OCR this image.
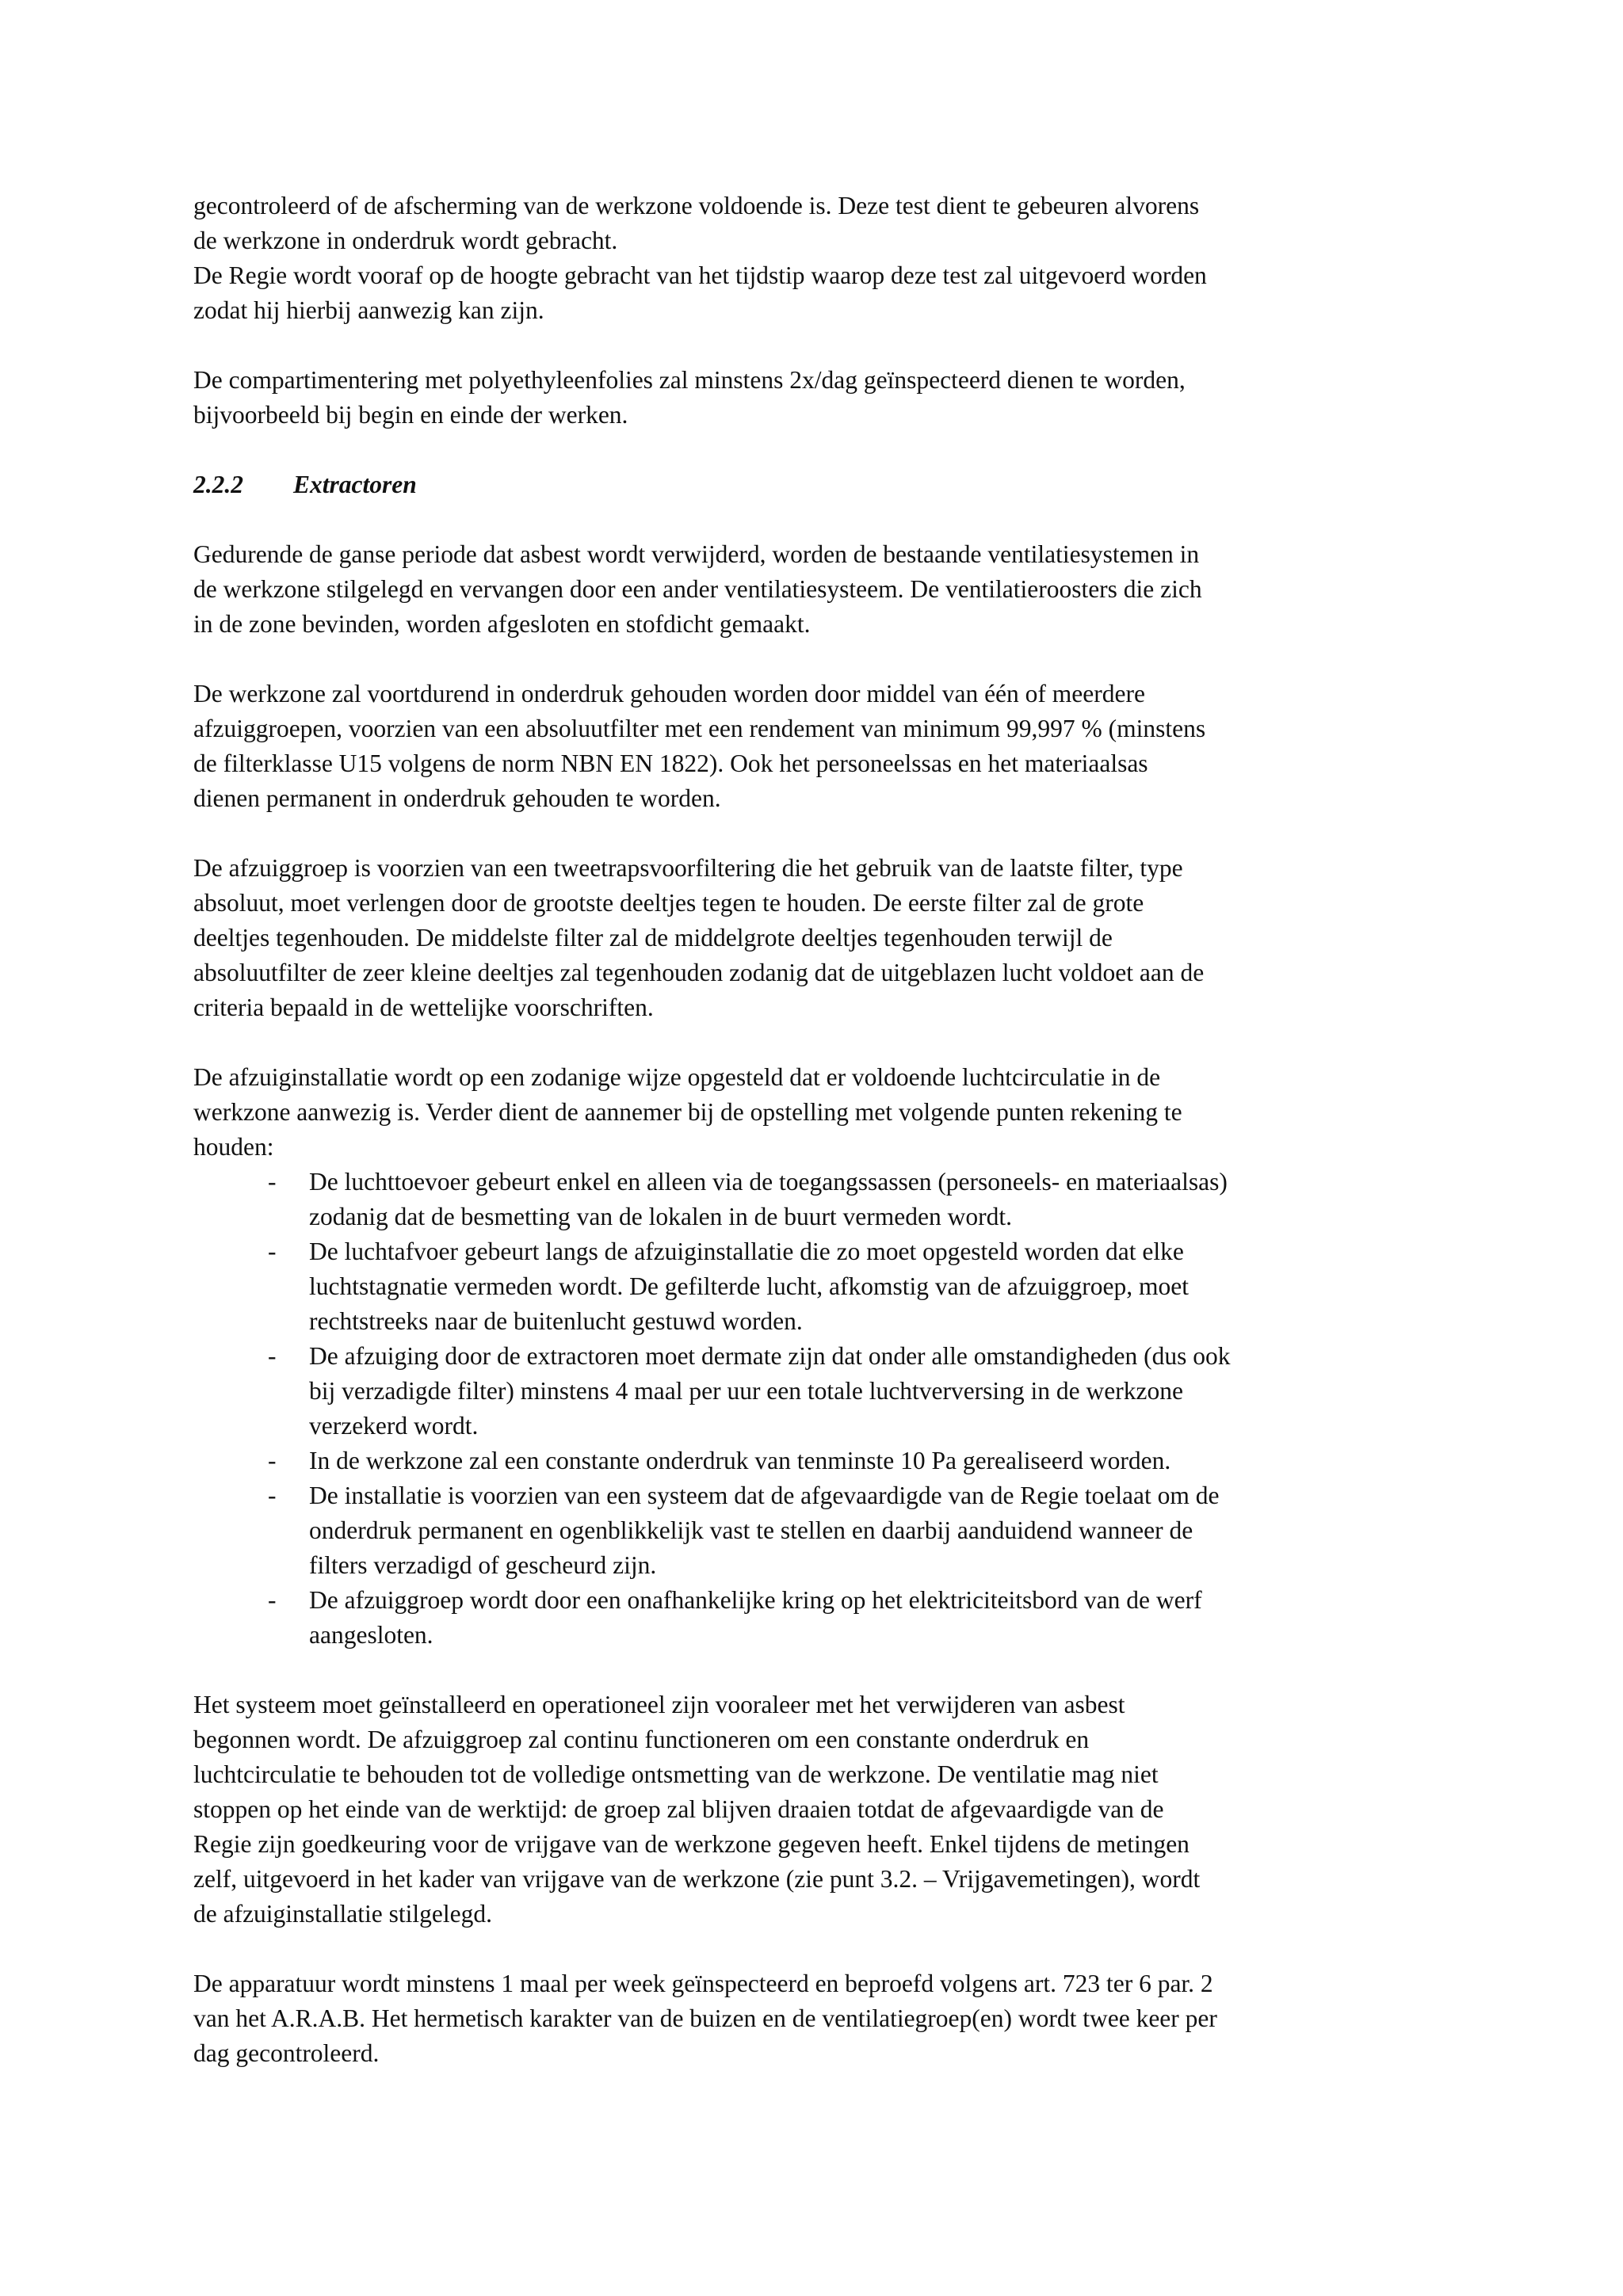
gecontroleerd of de afscherming van de werkzone voldoende is. Deze test dient te gebeuren alvorens
de werkzone in onderdruk wordt gebracht.
De Regie wordt vooraf op de hoogte gebracht van het tijdstip waarop deze test zal uitgevoerd worden
zodat hij hierbij aanwezig kan zijn.

De compartimentering met polyethyleenfolies zal minstens 2x/dag geïnspecteerd dienen te worden,
bijvoorbeeld bij begin en einde der werken.

2.2.2	Extractoren

Gedurende de ganse periode dat asbest wordt verwijderd, worden de bestaande ventilatiesystemen in
de werkzone stilgelegd en vervangen door een ander ventilatiesysteem. De ventilatieroosters die zich
in de zone bevinden, worden afgesloten en stofdicht gemaakt.

De werkzone zal voortdurend in onderdruk gehouden worden door middel van één of meerdere
afzuiggroepen, voorzien van een absoluutfilter met een rendement van minimum 99,997 % (minstens
de filterklasse U15 volgens de norm NBN EN 1822). Ook het personeelssas en het materiaalsas
dienen permanent in onderdruk gehouden te worden.

De afzuiggroep is voorzien van een tweetrapsvoorfiltering die het gebruik van de laatste filter, type
absoluut, moet verlengen door de grootste deeltjes tegen te houden. De eerste filter zal de grote
deeltjes tegenhouden. De middelste filter zal de middelgrote deeltjes tegenhouden terwijl de
absoluutfilter de zeer kleine deeltjes zal tegenhouden zodanig dat de uitgeblazen lucht voldoet aan de
criteria bepaald in de wettelijke voorschriften.

De afzuiginstallatie wordt op een zodanige wijze opgesteld dat er voldoende luchtcirculatie in de
werkzone aanwezig is. Verder dient de aannemer bij de opstelling met volgende punten rekening te
houden:

- De luchttoevoer gebeurt enkel en alleen via de toegangssassen (personeels- en materiaalsas)
zodanig dat de besmetting van de lokalen in de buurt vermeden wordt.
- De luchtafvoer gebeurt langs de afzuiginstallatie die zo moet opgesteld worden dat elke
luchtstagnatie vermeden wordt. De gefilterde lucht, afkomstig van de afzuiggroep, moet
rechtstreeks naar de buitenlucht gestuwd worden.
- De afzuiging door de extractoren moet dermate zijn dat onder alle omstandigheden (dus ook
bij verzadigde filter) minstens 4 maal per uur een totale luchtverversing in de werkzone
verzekerd wordt.
- In de werkzone zal een constante onderdruk van tenminste 10 Pa gerealiseerd worden.
- De installatie is voorzien van een systeem dat de afgevaardigde van de Regie toelaat om de
onderdruk permanent en ogenblikkelijk vast te stellen en daarbij aanduidend wanneer de
filters verzadigd of gescheurd zijn.
- De afzuiggroep wordt door een onafhankelijke kring op het elektriciteitsbord van de werf
aangesloten.

Het systeem moet geïnstalleerd en operationeel zijn vooraleer met het verwijderen van asbest
begonnen wordt. De afzuiggroep zal continu functioneren om een constante onderdruk en
luchtcirculatie te behouden tot de volledige ontsmetting van de werkzone. De ventilatie mag niet
stoppen op het einde van de werktijd: de groep zal blijven draaien totdat de afgevaardigde van de
Regie zijn goedkeuring voor de vrijgave van de werkzone gegeven heeft. Enkel tijdens de metingen
zelf, uitgevoerd in het kader van vrijgave van de werkzone (zie punt 3.2. – Vrijgavemetingen), wordt
de afzuiginstallatie stilgelegd.

De apparatuur wordt minstens 1 maal per week geïnspecteerd en beproefd volgens art. 723 ter 6 par. 2
van het A.R.A.B. Het hermetisch karakter van de buizen en de ventilatiegroep(en) wordt twee keer per
dag gecontroleerd.
